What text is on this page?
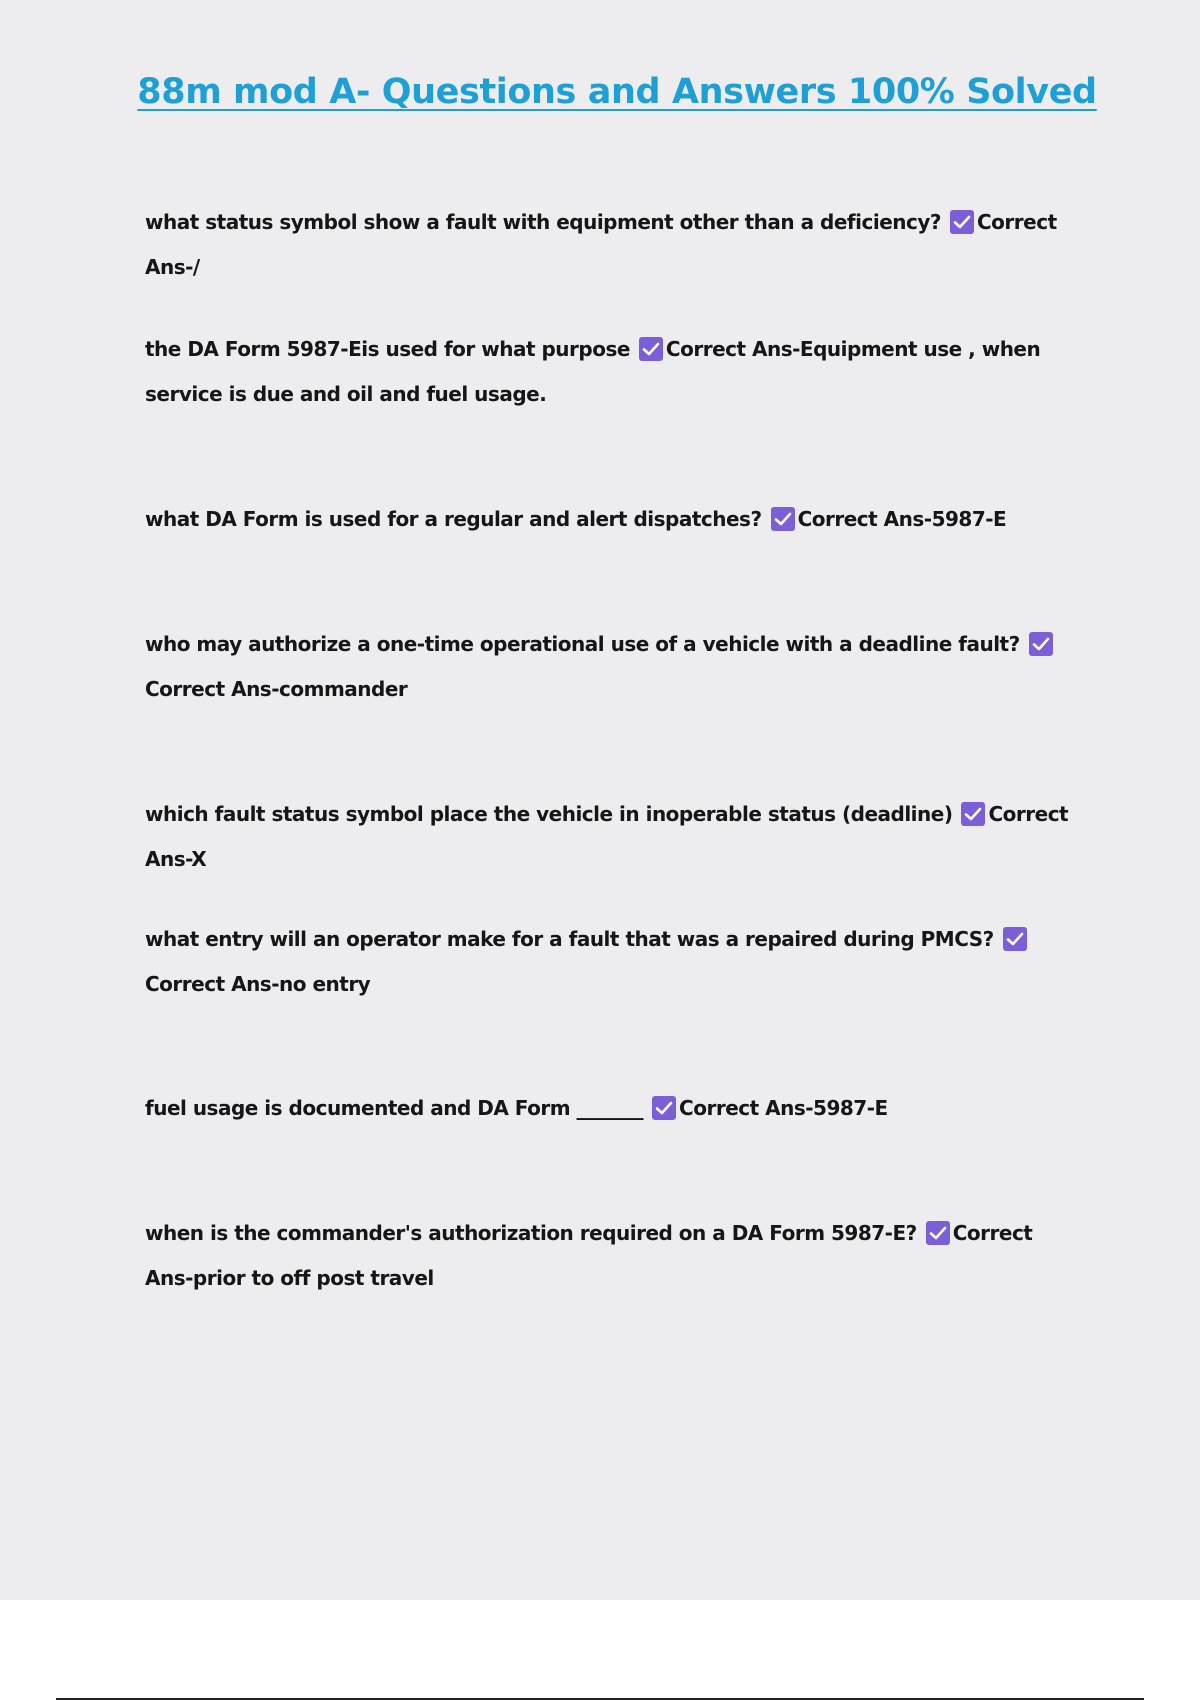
88m mod A- Questions and Answers 100% Solved
what status symbol show a fault with equipment other than a deficiency? Correct Ans-/
the DA Form 5987-Eis used for what purpose Correct Ans-Equipment use , when service is due and oil and fuel usage.
what DA Form is used for a regular and alert dispatches? Correct Ans-5987-E
who may authorize a one-time operational use of a vehicle with a deadline fault?
Correct Ans-commander
which fault status symbol place the vehicle in inoperable status (deadline) Correct Ans-X
what entry will an operator make for a fault that was a repaired during PMCS?
Correct Ans-no entry
fuel usage is documented and DA Form _______ Correct Ans-5987-E
when is the commander's authorization required on a DA Form 5987-E? Correct Ans-prior to off post travel
